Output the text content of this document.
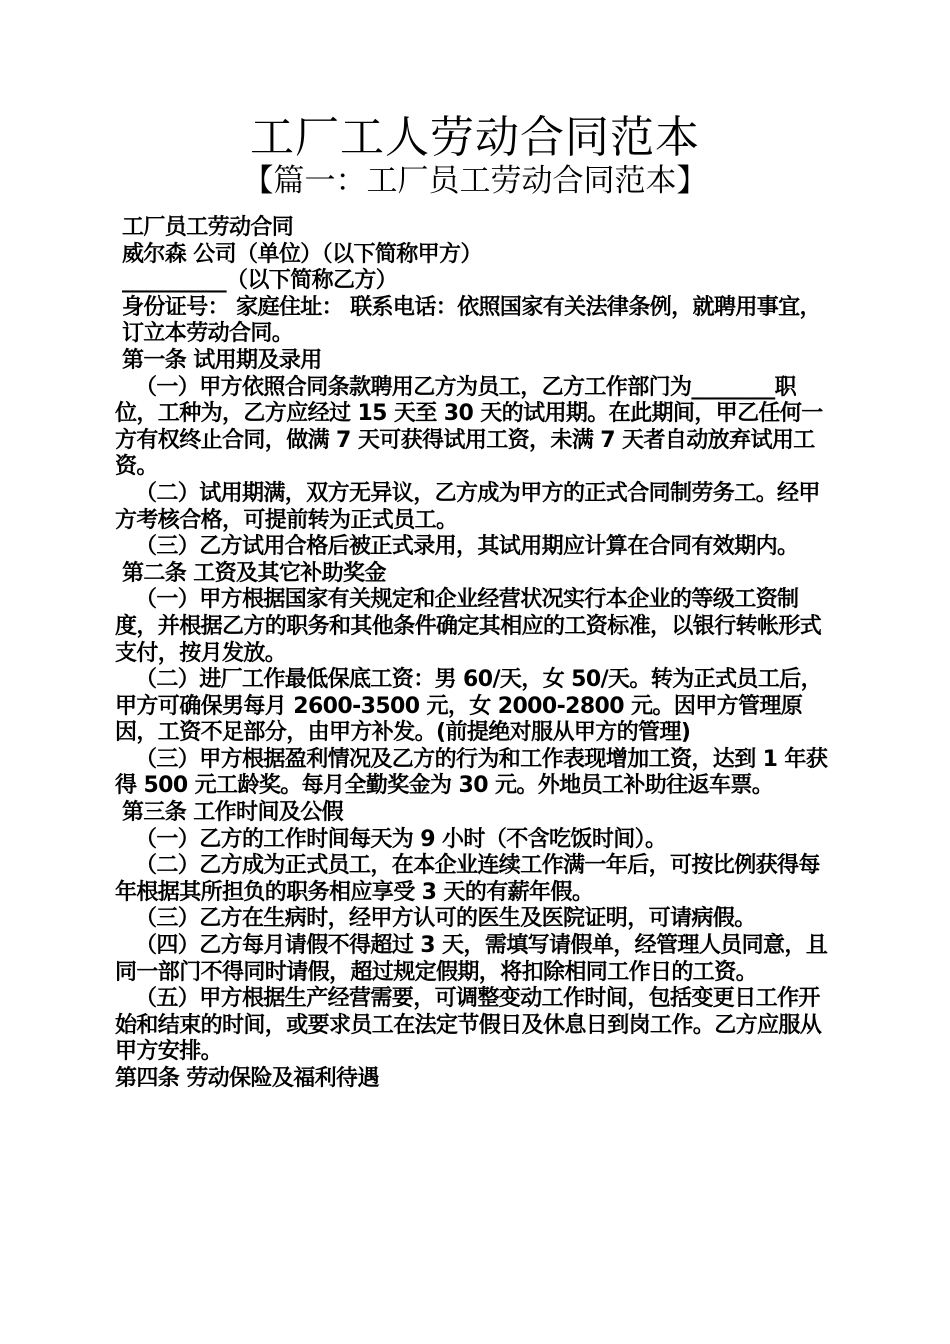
工厂工人劳动合同范本
【篇一：工厂员工劳动合同范本】

工厂员工劳动合同

威尔森 公司（单位）（以下简称甲方）

__________（以下简称乙方）

身份证号： 家庭住址： 联系电话：依照国家有关法律条例，就聘用事宜，订立本劳动合同。

第一条 试用期及录用

（一）甲方依照合同条款聘用乙方为员工，乙方工作部门为________职位，工种为，乙方应经过 15 天至 30 天的试用期。在此期间，甲乙任何一方有权终止合同，做满 7 天可获得试用工资，未满 7 天者自动放弃试用工资。

（二）试用期满，双方无异议，乙方成为甲方的正式合同制劳务工。经甲方考核合格，可提前转为正式员工。

（三）乙方试用合格后被正式录用，其试用期应计算在合同有效期内。

第二条 工资及其它补助奖金

（一）甲方根据国家有关规定和企业经营状况实行本企业的等级工资制度，并根据乙方的职务和其他条件确定其相应的工资标准，以银行转帐形式支付，按月发放。

（二）进厂工作最低保底工资：男 60/天，女 50/天。转为正式员工后，甲方可确保男每月 2600-3500 元，女 2000-2800 元。因甲方管理原因，工资不足部分，由甲方补发。(前提绝对服从甲方的管理)

（三）甲方根据盈利情况及乙方的行为和工作表现增加工资，达到 1 年获得 500 元工龄奖。每月全勤奖金为 30 元。外地员工补助往返车票。

第三条 工作时间及公假

（一）乙方的工作时间每天为 9 小时（不含吃饭时间）。

（二）乙方成为正式员工，在本企业连续工作满一年后，可按比例获得每年根据其所担负的职务相应享受 3 天的有薪年假。

（三）乙方在生病时，经甲方认可的医生及医院证明，可请病假。

（四）乙方每月请假不得超过 3 天，需填写请假单，经管理人员同意，且同一部门不得同时请假，超过规定假期，将扣除相同工作日的工资。

（五）甲方根据生产经营需要，可调整变动工作时间，包括变更日工作开始和结束的时间，或要求员工在法定节假日及休息日到岗工作。乙方应服从甲方安排。

第四条 劳动保险及福利待遇
